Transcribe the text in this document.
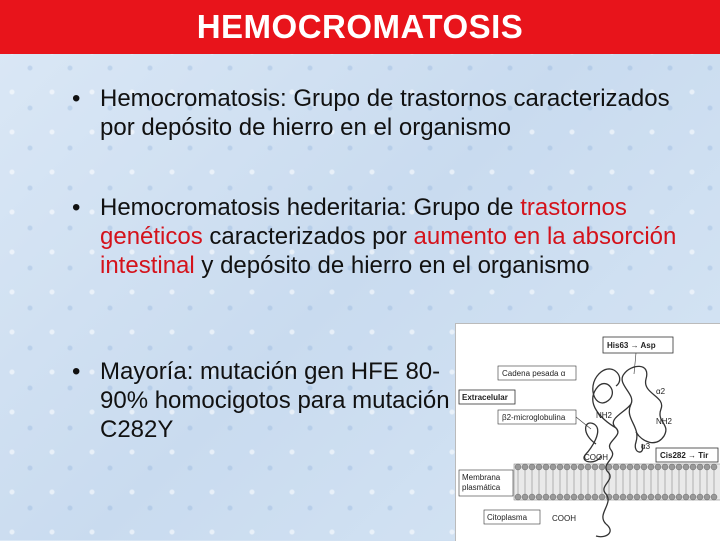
HEMOCROMATOSIS
• Hemocromatosis: Grupo de trastornos caracterizados por depósito de hierro en el organismo
• Hemocromatosis hederitaria: Grupo de trastornos genéticos caracterizados por aumento en la absorción intestinal y depósito de hierro en el organismo
• Mayoría: mutación gen HFE 80-90% homocigotos para mutación C282Y
His63 → Asp
Cadena pesada α
Extracelular
β2-microglobulina
α2
NH2
NH2
α3
COOH	Cis282 → Tir
Membrana plasmática
Citoplasma	COOH
